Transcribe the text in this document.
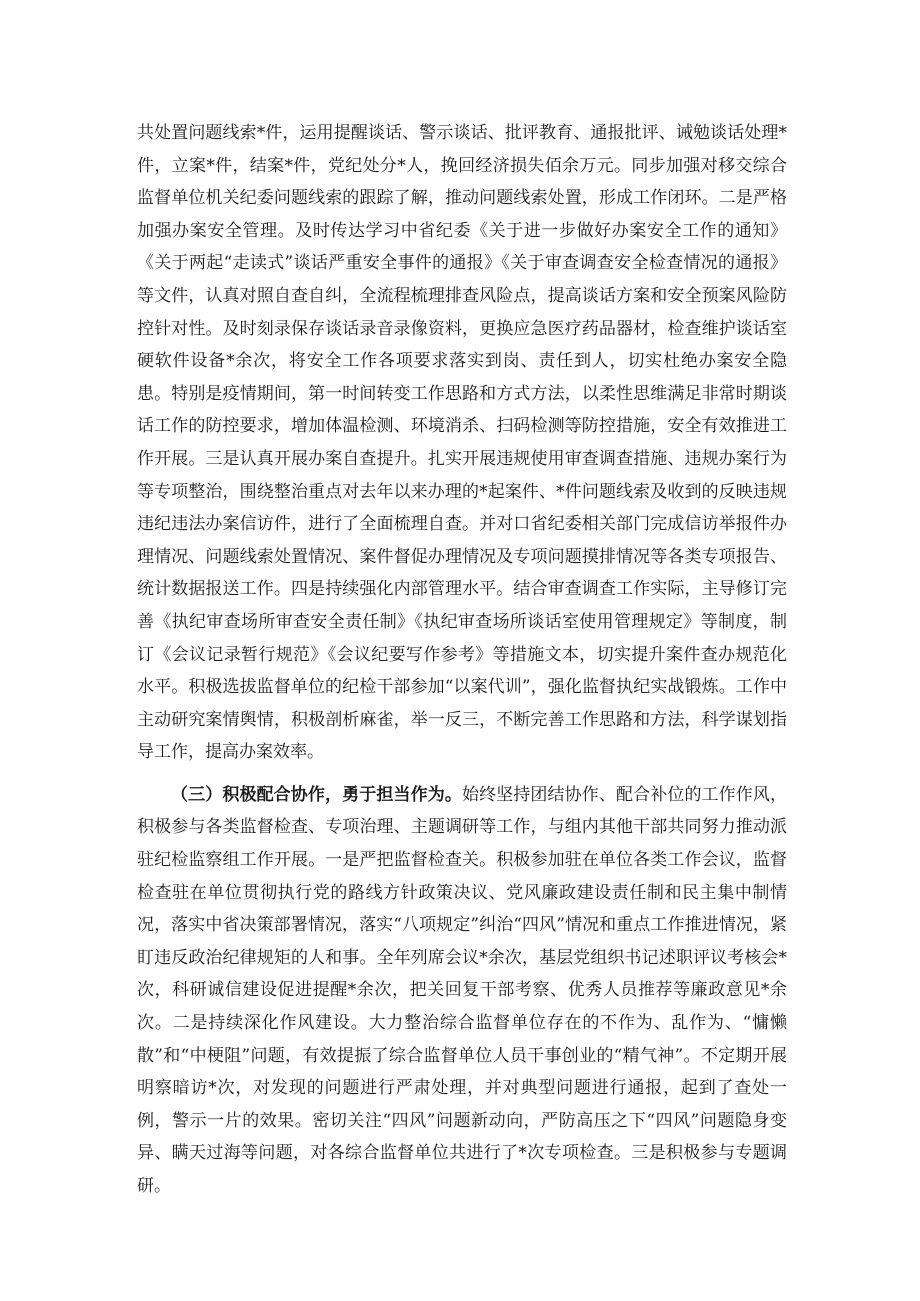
共处置问题线索*件，运用提醒谈话、警示谈话、批评教育、通报批评、诫勉谈话处理*件，立案*件，结案*件，党纪处分*人，挽回经济损失佰余万元。同步加强对移交综合监督单位机关纪委问题线索的跟踪了解，推动问题线索处置，形成工作闭环。二是严格加强办案安全管理。及时传达学习中省纪委《关于进一步做好办案安全工作的通知》《关于两起“走读式”谈话严重安全事件的通报》《关于审查调查安全检查情况的通报》等文件，认真对照自查自纠，全流程梳理排查风险点，提高谈话方案和安全预案风险防控针对性。及时刻录保存谈话录音录像资料，更换应急医疗药品器材，检查维护谈话室硬软件设备*余次，将安全工作各项要求落实到岗、责任到人，切实杜绝办案安全隐患。特别是疫情期间，第一时间转变工作思路和方式方法，以柔性思维满足非常时期谈话工作的防控要求，增加体温检测、环境消杀、扫码检测等防控措施，安全有效推进工作开展。三是认真开展办案自查提升。扎实开展违规使用审查调查措施、违规办案行为等专项整治，围绕整治重点对去年以来办理的*起案件、*件问题线索及收到的反映违规违纪违法办案信访件，进行了全面梳理自查。并对口省纪委相关部门完成信访举报件办理情况、问题线索处置情况、案件督促办理情况及专项问题摸排情况等各类专项报告、统计数据报送工作。四是持续强化内部管理水平。结合审查调查工作实际，主导修订完善《执纪审查场所审查安全责任制》《执纪审查场所谈话室使用管理规定》等制度，制订《会议记录暂行规范》《会议纪要写作参考》等措施文本，切实提升案件查办规范化水平。积极选拔监督单位的纪检干部参加“以案代训”，强化监督执纪实战锻炼。工作中主动研究案情舆情，积极剖析麻雀，举一反三，不断完善工作思路和方法，科学谋划指导工作，提高办案效率。

（三）积极配合协作，勇于担当作为。始终坚持团结协作、配合补位的工作作风，积极参与各类监督检查、专项治理、主题调研等工作，与组内其他干部共同努力推动派驻纪检监察组工作开展。一是严把监督检查关。积极参加驻在单位各类工作会议，监督检查驻在单位贯彻执行党的路线方针政策决议、党风廉政建设责任制和民主集中制情况，落实中省决策部署情况，落实“八项规定”纠治“四风”情况和重点工作推进情况，紧盯违反政治纪律规矩的人和事。全年列席会议*余次，基层党组织书记述职评议考核会*次，科研诚信建设促进提醒*余次，把关回复干部考察、优秀人员推荐等廉政意见*余次。二是持续深化作风建设。大力整治综合监督单位存在的不作为、乱作为、“慵懒散”和“中梗阻”问题，有效提振了综合监督单位人员干事创业的“精气神”。不定期开展明察暗访*次，对发现的问题进行严肃处理，并对典型问题进行通报，起到了查处一例，警示一片的效果。密切关注“四风”问题新动向，严防高压之下“四风”问题隐身变异、瞒天过海等问题，对各综合监督单位共进行了*次专项检查。三是积极参与专题调研。
